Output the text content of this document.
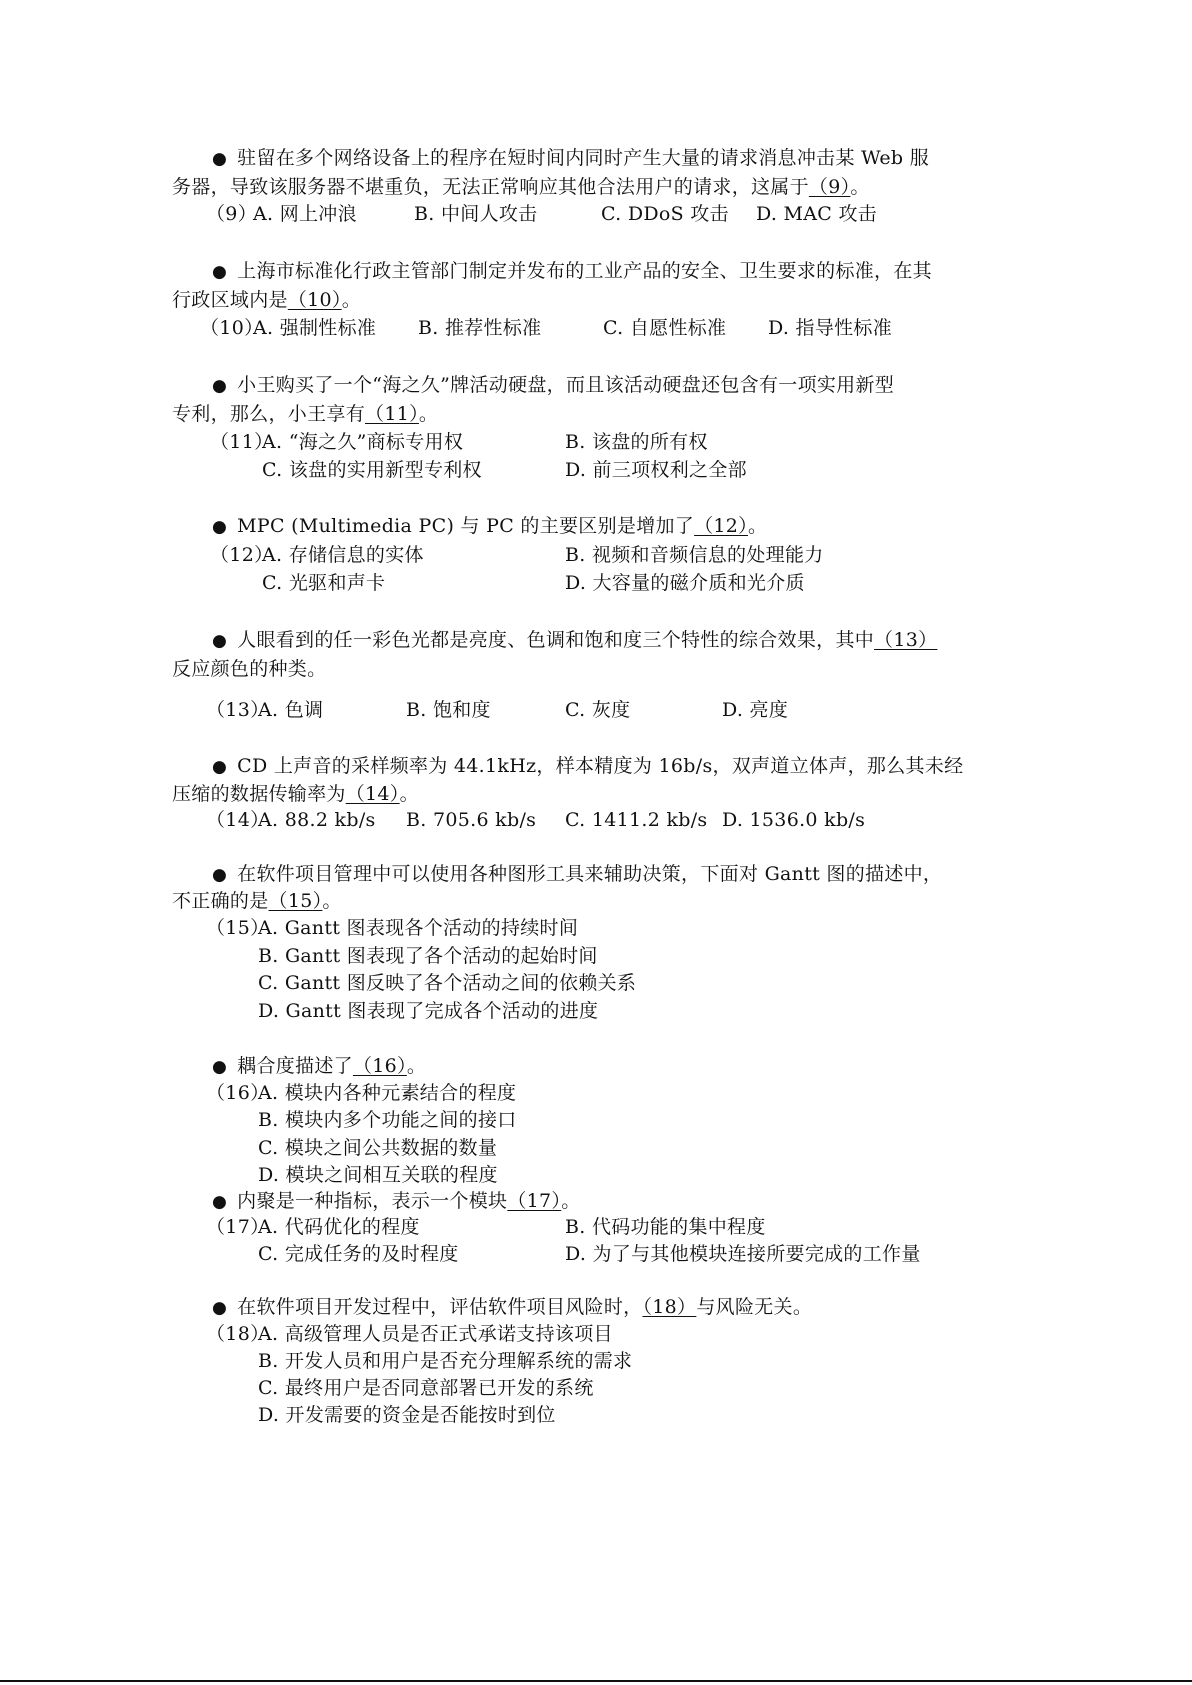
● 驻留在多个网络设备上的程序在短时间内同时产生大量的请求消息冲击某 Web 服
务器，导致该服务器不堪重负，无法正常响应其他合法用户的请求，这属于（9）。
（9）
A. 网上冲浪	B. 中间人攻击	C. DDoS 攻击 D. MAC 攻击
● 上海市标准化行政主管部门制定并发布的工业产品的安全、卫生要求的标准，在其
行政区域内是（10）。
（10）
A. 强制性标准 B. 推荐性标准	C. 自愿性标准 D. 指导性标准
● 小王购买了一个“海之久”牌活动硬盘，而且该活动硬盘还包含有一项实用新型
专利，那么，小王享有（11）。
（11）
A. “海之久”商标专用权	B. 该盘的所有权
C. 该盘的实用新型专利权	D. 前三项权利之全部
● MPC (Multimedia PC) 与 PC 的主要区别是增加了（12）。
（12）
A. 存储信息的实体	B. 视频和音频信息的处理能力
C. 光驱和声卡	D. 大容量的磁介质和光介质
● 人眼看到的任一彩色光都是亮度、色调和饱和度三个特性的综合效果，其中（13）
反应颜色的种类。
（13）
A. 色调	B. 饱和度	C. 灰度	D. 亮度
● CD 上声音的采样频率为 44.1kHz，样本精度为 16b/s，双声道立体声，那么其未经
压缩的数据传输率为（14）。
（14）
A. 88.2 kb/s B. 705.6 kb/s C. 1411.2 kb/s D. 1536.0 kb/s
● 在软件项目管理中可以使用各种图形工具来辅助决策，下面对 Gantt 图的描述中，
不正确的是（15）。
（15）
A. Gantt 图表现各个活动的持续时间
B. Gantt 图表现了各个活动的起始时间
C. Gantt 图反映了各个活动之间的依赖关系
D. Gantt 图表现了完成各个活动的进度
● 耦合度描述了（16）。
（16）
A. 模块内各种元素结合的程度
B. 模块内多个功能之间的接口
C. 模块之间公共数据的数量
D. 模块之间相互关联的程度
● 内聚是一种指标，表示一个模块（17）。
（17）
A. 代码优化的程度	B. 代码功能的集中程度
C. 完成任务的及时程度	D. 为了与其他模块连接所要完成的工作量
● 在软件项目开发过程中，评估软件项目风险时，（18）与风险无关。
（18）
A. 高级管理人员是否正式承诺支持该项目
B. 开发人员和用户是否充分理解系统的需求
C. 最终用户是否同意部署已开发的系统
D. 开发需要的资金是否能按时到位
